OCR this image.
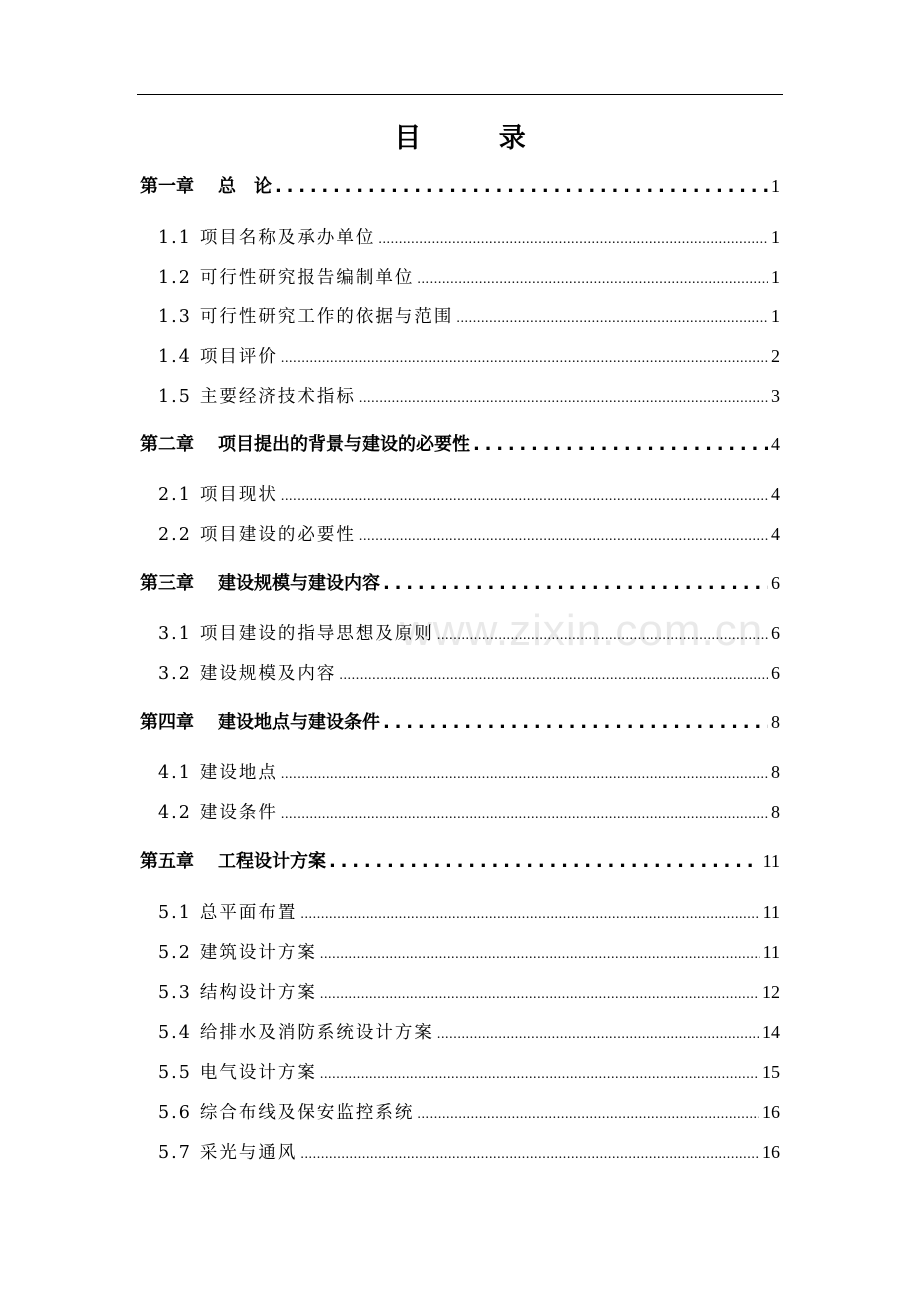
目 录
www.zixin.com.cn
第一章 总　论 . . .	1
1.1 项目名称及承办单位 .....	1
1.2 可行性研究报告编制单位 .....	1
1.3 可行性研究工作的依据与范围 .....	1
1.4 项目评价 .....	2
1.5 主要经济技术指标 .....	3
第二章 项目提出的背景与建设的必要性 . . .	4
2.1 项目现状 .....	4
2.2 项目建设的必要性 .....	4
第三章 建设规模与建设内容 . . .	6
3.1 项目建设的指导思想及原则 .....	6
3.2 建设规模及内容 .....	6
第四章 建设地点与建设条件 . . .	8
4.1 建设地点 .....	8
4.2 建设条件 .....	8
第五章 工程设计方案 . . .	11
5.1 总平面布置 .....	11
5.2 建筑设计方案 .....	11
5.3 结构设计方案 .....	12
5.4 给排水及消防系统设计方案 .....	14
5.5 电气设计方案 .....	15
5.6 综合布线及保安监控系统 .....	16
5.7 采光与通风 .....	16
